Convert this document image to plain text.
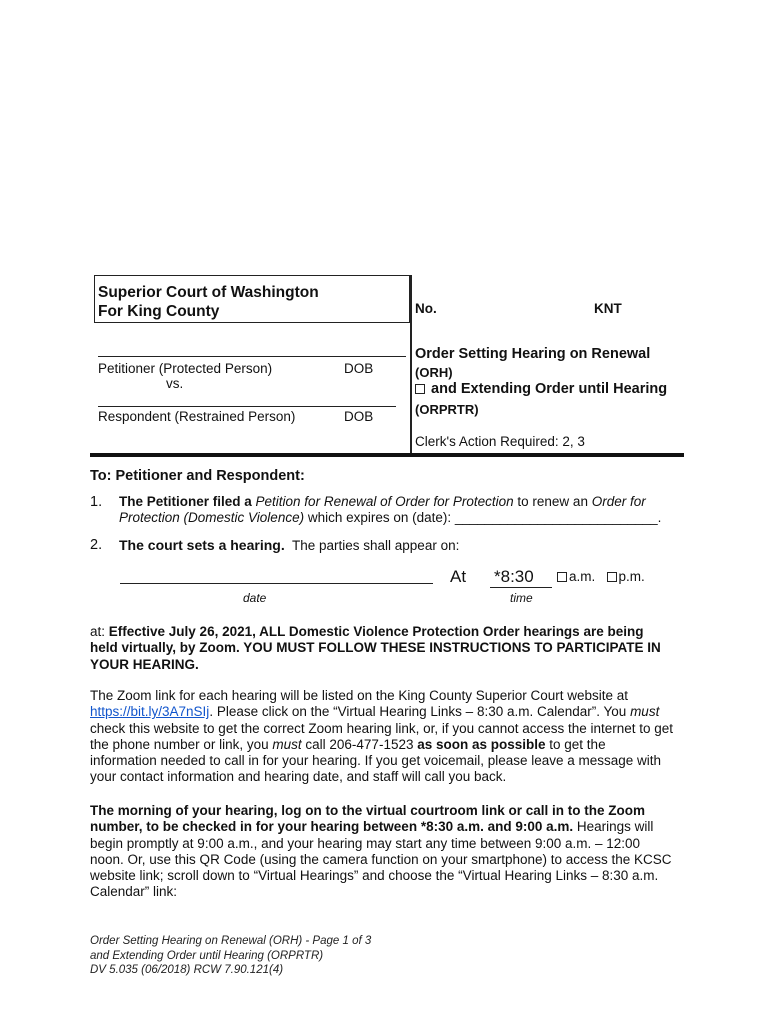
Superior Court of Washington
For King County	No.	KNT
Petitioner (Protected Person)	DOB
vs.
Respondent (Restrained Person)	DOB
Order Setting Hearing on Renewal
(ORH)
and Extending Order until Hearing
(ORPRTR)
Clerk's Action Required: 2, 3
To: Petitioner and Respondent:
1. The Petitioner filed a Petition for Renewal of Order for Protection to renew an Order for
Protection (Domestic Violence) which expires on (date): ___________________________.
2. The court sets a hearing. The parties shall appear on:
At *8:30	a.m. p.m.
date	time
at: Effective July 26, 2021, ALL Domestic Violence Protection Order hearings are being held virtually, by Zoom. YOU MUST FOLLOW THESE INSTRUCTIONS TO PARTICIPATE IN YOUR HEARING.
The Zoom link for each hearing will be listed on the King County Superior Court website at https://bit.ly/3A7nSIj. Please click on the “Virtual Hearing Links – 8:30 a.m. Calendar”. You must check this website to get the correct Zoom hearing link, or, if you cannot access the internet to get the phone number or link, you must call 206-477-1523 as soon as possible to get the information needed to call in for your hearing. If you get voicemail, please leave a message with your contact information and hearing date, and staff will call you back.
The morning of your hearing, log on to the virtual courtroom link or call in to the Zoom number, to be checked in for your hearing between *8:30 a.m. and 9:00 a.m. Hearings will begin promptly at 9:00 a.m., and your hearing may start any time between 9:00 a.m. – 12:00 noon. Or, use this QR Code (using the camera function on your smartphone) to access the KCSC website link; scroll down to “Virtual Hearings” and choose the “Virtual Hearing Links – 8:30 a.m. Calendar” link:
Order Setting Hearing on Renewal (ORH) - Page 1 of 3
and Extending Order until Hearing (ORPRTR)
DV 5.035 (06/2018) RCW 7.90.121(4)
